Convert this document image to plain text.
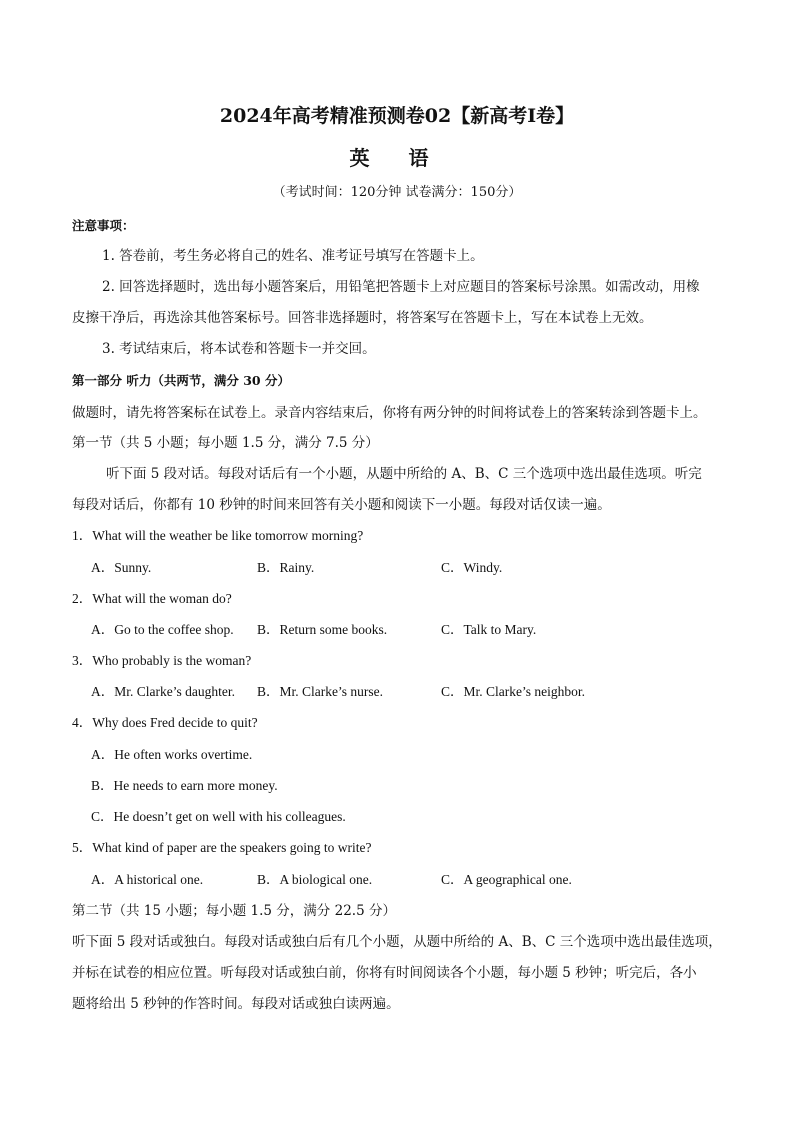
2024年高考精准预测卷02【新高考I卷】
英 语
（考试时间：120分钟 试卷满分：150分）
注意事项：
1. 答卷前，考生务必将自己的姓名、准考证号填写在答题卡上。
2. 回答选择题时，选出每小题答案后，用铅笔把答题卡上对应题目的答案标号涂黑。如需改动，用橡
皮擦干净后，再选涂其他答案标号。回答非选择题时，将答案写在答题卡上，写在本试卷上无效。
3. 考试结束后，将本试卷和答题卡一并交回。
第一部分 听力（共两节，满分 30 分）
做题时，请先将答案标在试卷上。录音内容结束后，你将有两分钟的时间将试卷上的答案转涂到答题卡上。
第一节（共 5 小题；每小题 1.5 分，满分 7.5 分）
听下面 5 段对话。每段对话后有一个小题，从题中所给的 A、B、C 三个选项中选出最佳选项。听完
每段对话后，你都有 10 秒钟的时间来回答有关小题和阅读下一小题。每段对话仅读一遍。
1．What will the weather be like tomorrow morning?
A．Sunny.	B．Rainy.	C．Windy.
2．What will the woman do?
A．Go to the coffee shop. B．Return some books.	C．Talk to Mary.
3．Who probably is the woman?
A．Mr. Clarke’s daughter. B．Mr. Clarke’s nurse.	C．Mr. Clarke’s neighbor.
4．Why does Fred decide to quit?
A．He often works overtime.
B．He needs to earn more money.
C．He doesn’t get on well with his colleagues.
5．What kind of paper are the speakers going to write?
A．A historical one.	B．A biological one.	C．A geographical one.
第二节（共 15 小题；每小题 1.5 分，满分 22.5 分）
听下面 5 段对话或独白。每段对话或独白后有几个小题，从题中所给的 A、B、C 三个选项中选出最佳选项，
并标在试卷的相应位置。听每段对话或独白前，你将有时间阅读各个小题，每小题 5 秒钟；听完后，各小
题将给出 5 秒钟的作答时间。每段对话或独白读两遍。
